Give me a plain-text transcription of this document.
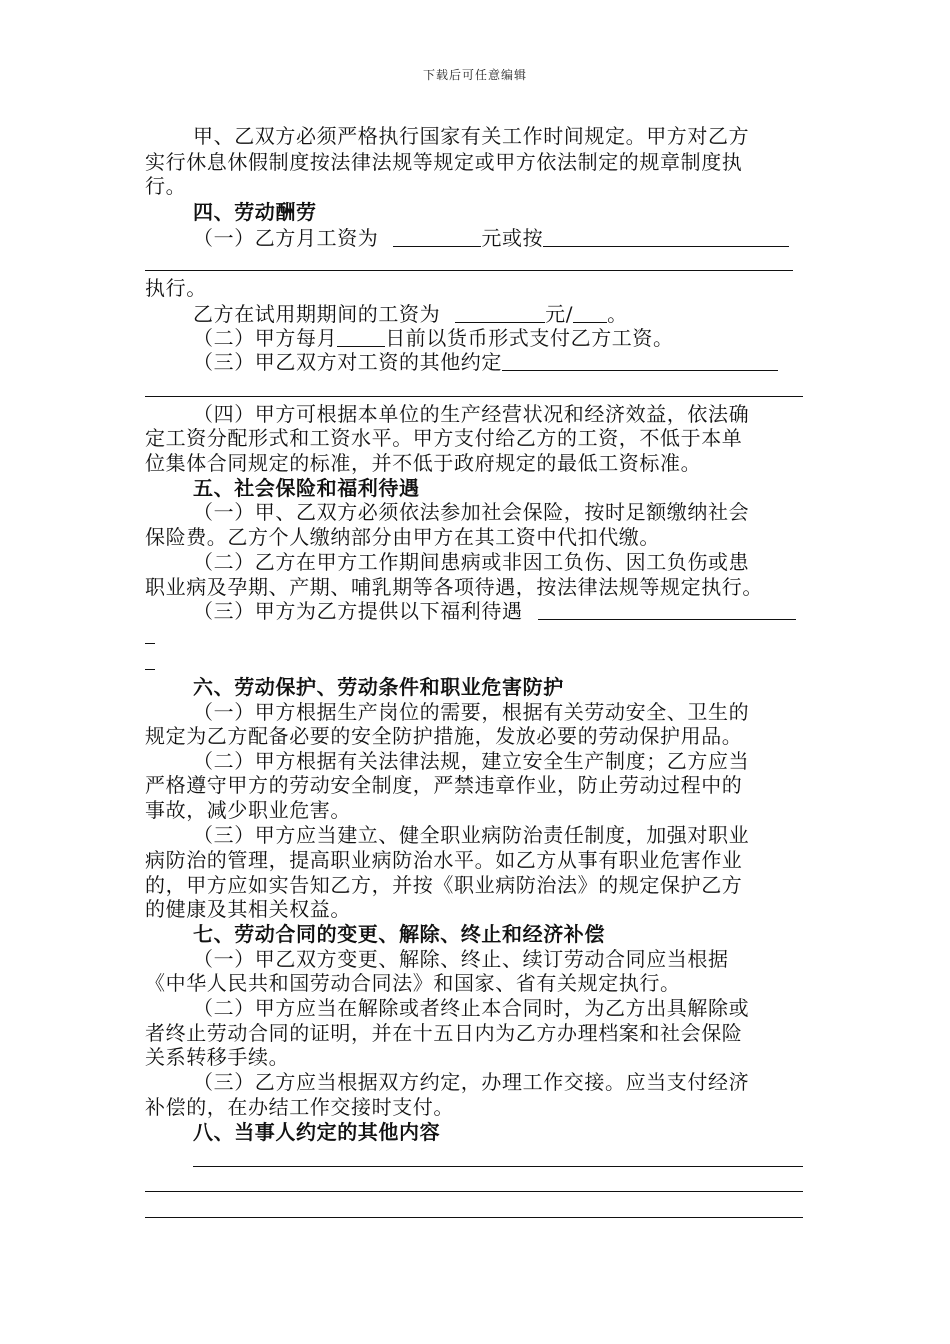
下载后可任意编辑
甲、乙双方必须严格执行国家有关工作时间规定。甲方对乙方
实行休息休假制度按法律法规等规定或甲方依法制定的规章制度执
行。
四、劳动酬劳
（一）乙方月工资为	元或按
执行。
乙方在试用期期间的工资为	元/ 。
（二）甲方每月 日前以货币形式支付乙方工资。
（三）甲乙双方对工资的其他约定
（四）甲方可根据本单位的生产经营状况和经济效益，依法确
定工资分配形式和工资水平。甲方支付给乙方的工资，不低于本单
位集体合同规定的标准，并不低于政府规定的最低工资标准。
五、社会保险和福利待遇
（一）甲、乙双方必须依法参加社会保险，按时足额缴纳社会
保险费。乙方个人缴纳部分由甲方在其工资中代扣代缴。
（二）乙方在甲方工作期间患病或非因工负伤、因工负伤或患
职业病及孕期、产期、哺乳期等各项待遇，按法律法规等规定执行。
（三）甲方为乙方提供以下福利待遇
六、劳动保护、劳动条件和职业危害防护
（一）甲方根据生产岗位的需要，根据有关劳动安全、卫生的
规定为乙方配备必要的安全防护措施，发放必要的劳动保护用品。
（二）甲方根据有关法律法规，建立安全生产制度；乙方应当
严格遵守甲方的劳动安全制度，严禁违章作业，防止劳动过程中的
事故，减少职业危害。
（三）甲方应当建立、健全职业病防治责任制度，加强对职业
病防治的管理，提高职业病防治水平。如乙方从事有职业危害作业
的，甲方应如实告知乙方，并按《职业病防治法》的规定保护乙方
的健康及其相关权益。
七、劳动合同的变更、解除、终止和经济补偿
（一）甲乙双方变更、解除、终止、续订劳动合同应当根据
《中华人民共和国劳动合同法》和国家、省有关规定执行。
（二）甲方应当在解除或者终止本合同时，为乙方出具解除或
者终止劳动合同的证明，并在十五日内为乙方办理档案和社会保险
关系转移手续。
（三）乙方应当根据双方约定，办理工作交接。应当支付经济
补偿的，在办结工作交接时支付。
八、当事人约定的其他内容
